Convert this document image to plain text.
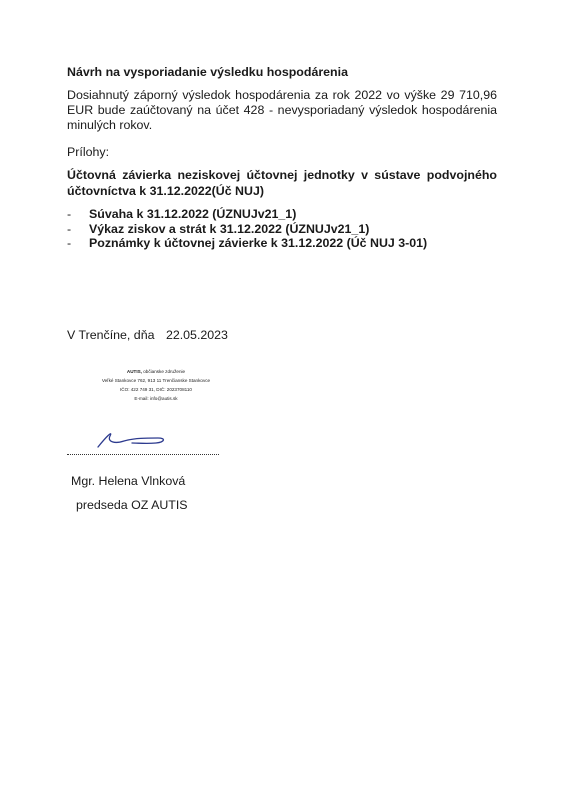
Návrh na vysporiadanie výsledku hospodárenia
Dosiahnutý záporný výsledok hospodárenia za rok 2022 vo výške 29 710,96 EUR bude zaúčtovaný na účet 428 - nevysporiadaný výsledok hospodárenia minulých rokov.
Prílohy:
Účtovná závierka neziskovej účtovnej jednotky v sústave podvojného účtovníctva k 31.12.2022(Úč NUJ)
- Súvaha k 31.12.2022 (ÚZNUJv21_1)
- Výkaz ziskov a strát k 31.12.2022 (ÚZNUJv21_1)
- Poznámky k účtovnej závierke k 31.12.2022 (Úč NUJ 3-01)
V Trenčíne, dňa 22.05.2023
AUTIS, občianske združenie
Veľké Stankovce 762, 913 11 Trenčianske Stankovce
IČO: 422 749 31, DIČ: 2023708110
E-mail: info@autis.sk
Mgr. Helena Vlnková
predseda OZ AUTIS
